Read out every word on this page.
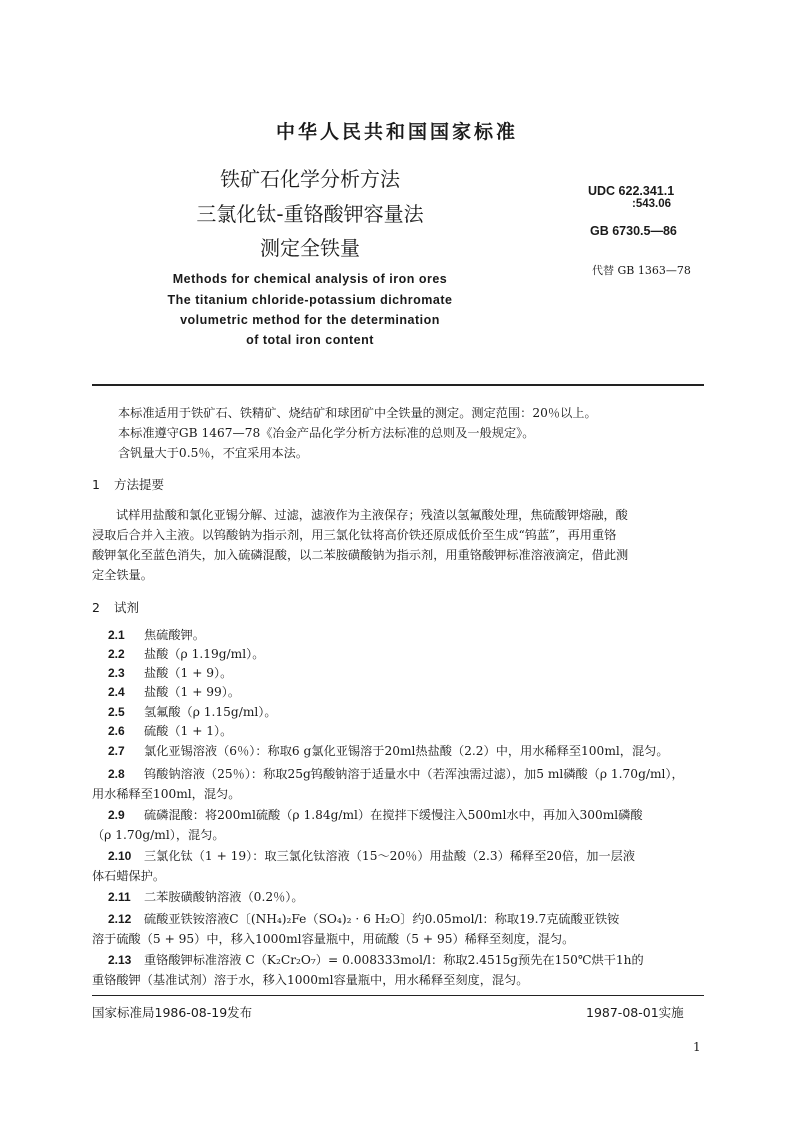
中华人民共和国国家标准
铁矿石化学分析方法
三氯化钛-重铬酸钾容量法
测定全铁量
Methods for chemical analysis of iron ores
The titanium chloride-potassium dichromate
volumetric method for the determination
of total iron content
UDC 622.341.1
:543.06
GB 6730.5—86
代替 GB 1363—78
本标准适用于铁矿石、铁精矿、烧结矿和球团矿中全铁量的测定。测定范围：20％以上。
本标准遵守GB 1467—78《冶金产品化学分析方法标准的总则及一般规定》。
含钒量大于0.5％，不宜采用本法。
1 方法提要
试样用盐酸和氯化亚锡分解、过滤，滤液作为主液保存；残渣以氢氟酸处理，焦硫酸钾熔融，酸
浸取后合并入主液。以钨酸钠为指示剂，用三氯化钛将高价铁还原成低价至生成“钨蓝”，再用重铬
酸钾氧化至蓝色消失，加入硫磷混酸，以二苯胺磺酸钠为指示剂，用重铬酸钾标准溶液滴定，借此测
定全铁量。
2 试剂
2.1 焦硫酸钾。
2.2 盐酸（ρ 1.19g/ml）。
2.3 盐酸（1 + 9）。
2.4 盐酸（1 + 99）。
2.5 氢氟酸（ρ 1.15g/ml）。
2.6 硫酸（1 + 1）。
2.7 氯化亚锡溶液（6％）：称取6 g氯化亚锡溶于20ml热盐酸（2.2）中，用水稀释至100ml，混匀。
2.8 钨酸钠溶液（25％）：称取25g钨酸钠溶于适量水中（若浑浊需过滤），加5 ml磷酸（ρ 1.70g/ml），
用水稀释至100ml，混匀。
2.9 硫磷混酸：将200ml硫酸（ρ 1.84g/ml）在搅拌下缓慢注入500ml水中，再加入300ml磷酸
（ρ 1.70g/ml），混匀。
2.10 三氯化钛（1 + 19）：取三氯化钛溶液（15～20％）用盐酸（2.3）稀释至20倍，加一层液
体石蜡保护。
2.11 二苯胺磺酸钠溶液（0.2％）。
2.12 硫酸亚铁铵溶液C〔(NH₄)₂Fe（SO₄)₂ · 6 H₂O〕约0.05mol/l：称取19.7克硫酸亚铁铵
溶于硫酸（5 + 95）中，移入1000ml容量瓶中，用硫酸（5 + 95）稀释至刻度，混匀。
2.13 重铬酸钾标准溶液 C（K₂Cr₂O₇）= 0.008333mol/l：称取2.4515g预先在150℃烘干1h的
重铬酸钾（基准试剂）溶于水，移入1000ml容量瓶中，用水稀释至刻度，混匀。
国家标准局1986-08-19发布	1987-08-01实施
1
